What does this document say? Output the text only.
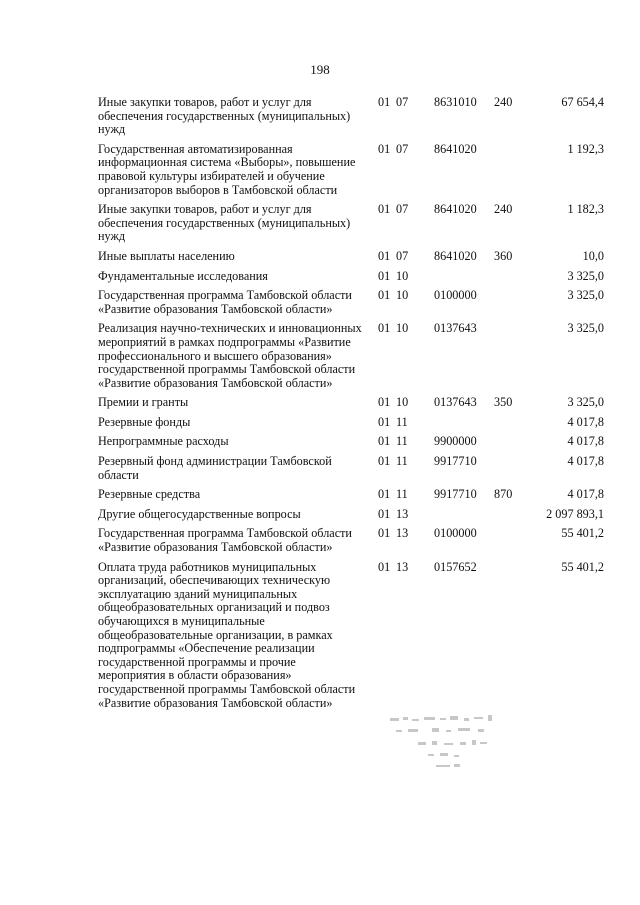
198
Иные закупки товаров, работ и услуг для обеспечения государственных (муниципальных) нужд	01	07	8631010	240	67 654,4
Государственная автоматизированная информационная система «Выборы», повышение правовой культуры избирателей и обучение организаторов выборов в Тамбовской области	01	07	8641020		1 192,3
Иные закупки товаров, работ и услуг для обеспечения государственных (муниципальных) нужд	01	07	8641020	240	1 182,3
Иные выплаты населению	01	07	8641020	360	10,0
Фундаментальные исследования	01	10			3 325,0
Государственная программа Тамбовской области «Развитие образования Тамбовской области»	01	10	0100000		3 325,0
Реализация научно-технических и инновационных мероприятий в рамках подпрограммы «Развитие профессионального и высшего образования» государственной программы Тамбовской области «Развитие образования Тамбовской области»	01	10	0137643		3 325,0
Премии и гранты	01	10	0137643	350	3 325,0
Резервные фонды	01	11			4 017,8
Непрограммные расходы	01	11	9900000		4 017,8
Резервный фонд администрации Тамбовской области	01	11	9917710		4 017,8
Резервные средства	01	11	9917710	870	4 017,8
Другие общегосударственные вопросы	01	13			2 097 893,1
Государственная программа Тамбовской области «Развитие образования Тамбовской области»	01	13	0100000		55 401,2
Оплата труда работников муниципальных организаций, обеспечивающих техническую эксплуатацию зданий муниципальных общеобразовательных организаций и подвоз обучающихся в муниципальные общеобразовательные организации, в рамках подпрограммы «Обеспечение реализации государственной программы и прочие мероприятия в области образования» государственной программы Тамбовской области «Развитие образования Тамбовской области»	01	13	0157652		55 401,2
